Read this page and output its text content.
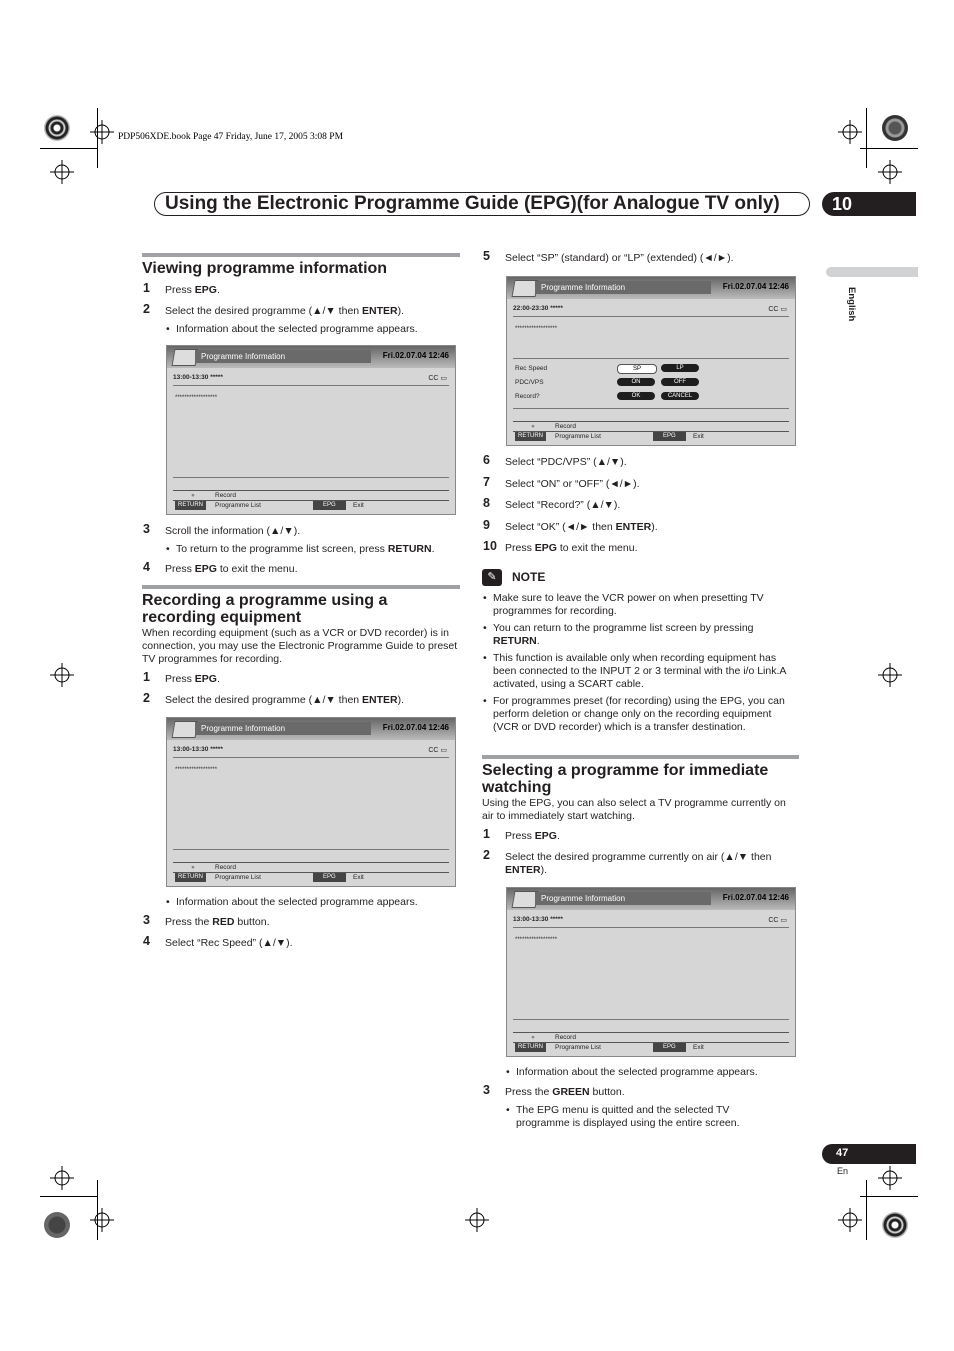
PDP506XDE.book Page 47 Friday, June 17, 2005 3:08 PM
Using the Electronic Programme Guide (EPG)(for Analogue TV only)	10
English
Viewing programme information
1 Press EPG.
2 Select the desired programme (▲/▼ then ENTER).
• Information about the selected programme appears.
Programme Information	Fri.02.07.04 12:46
13:00-13:30 *****	CC ▭
******************
●	Record
RETURN	Programme List	EPG	Exit
3 Scroll the information (▲/▼).
• To return to the programme list screen, press RETURN.
4 Press EPG to exit the menu.
Recording a programme using a recording equipment
When recording equipment (such as a VCR or DVD recorder) is in connection, you may use the Electronic Programme Guide to preset TV programmes for recording.
1 Press EPG.
2 Select the desired programme (▲/▼ then ENTER).
Programme Information	Fri.02.07.04 12:46
13:00-13:30 *****	CC ▭
******************
●	Record
RETURN	Programme List	EPG	Exit
• Information about the selected programme appears.
3 Press the RED button.
4 Select “Rec Speed” (▲/▼).
5 Select “SP” (standard) or “LP” (extended) (◄/►).
Programme Information	Fri.02.07.04 12:46
22:00-23:30 *****	CC ▭
******************
Rec Speed	SP	LP
PDC/VPS	ON	OFF
Record?	OK	CANCEL
●	Record
RETURN	Programme List	EPG	Exit
6 Select “PDC/VPS” (▲/▼).
7 Select “ON” or “OFF” (◄/►).
8 Select “Record?” (▲/▼).
9 Select “OK” (◄/► then ENTER).
10 Press EPG to exit the menu.
✎	NOTE
• Make sure to leave the VCR power on when presetting TV programmes for recording.
• You can return to the programme list screen by pressing RETURN.
• This function is available only when recording equipment has been connected to the INPUT 2 or 3 terminal with the i/o Link.A activated, using a SCART cable.
• For programmes preset (for recording) using the EPG, you can perform deletion or change only on the recording equipment (VCR or DVD recorder) which is a transfer destination.
Selecting a programme for immediate watching
Using the EPG, you can also select a TV programme currently on air to immediately start watching.
1 Press EPG.
2 Select the desired programme currently on air (▲/▼ then
ENTER).
Programme Information	Fri.02.07.04 12:46
13:00-13:30 *****	CC ▭
******************
●	Record
RETURN	Programme List	EPG	Exit
• Information about the selected programme appears.
3 Press the GREEN button.
• The EPG menu is quitted and the selected TV programme is displayed using the entire screen.
47
En
